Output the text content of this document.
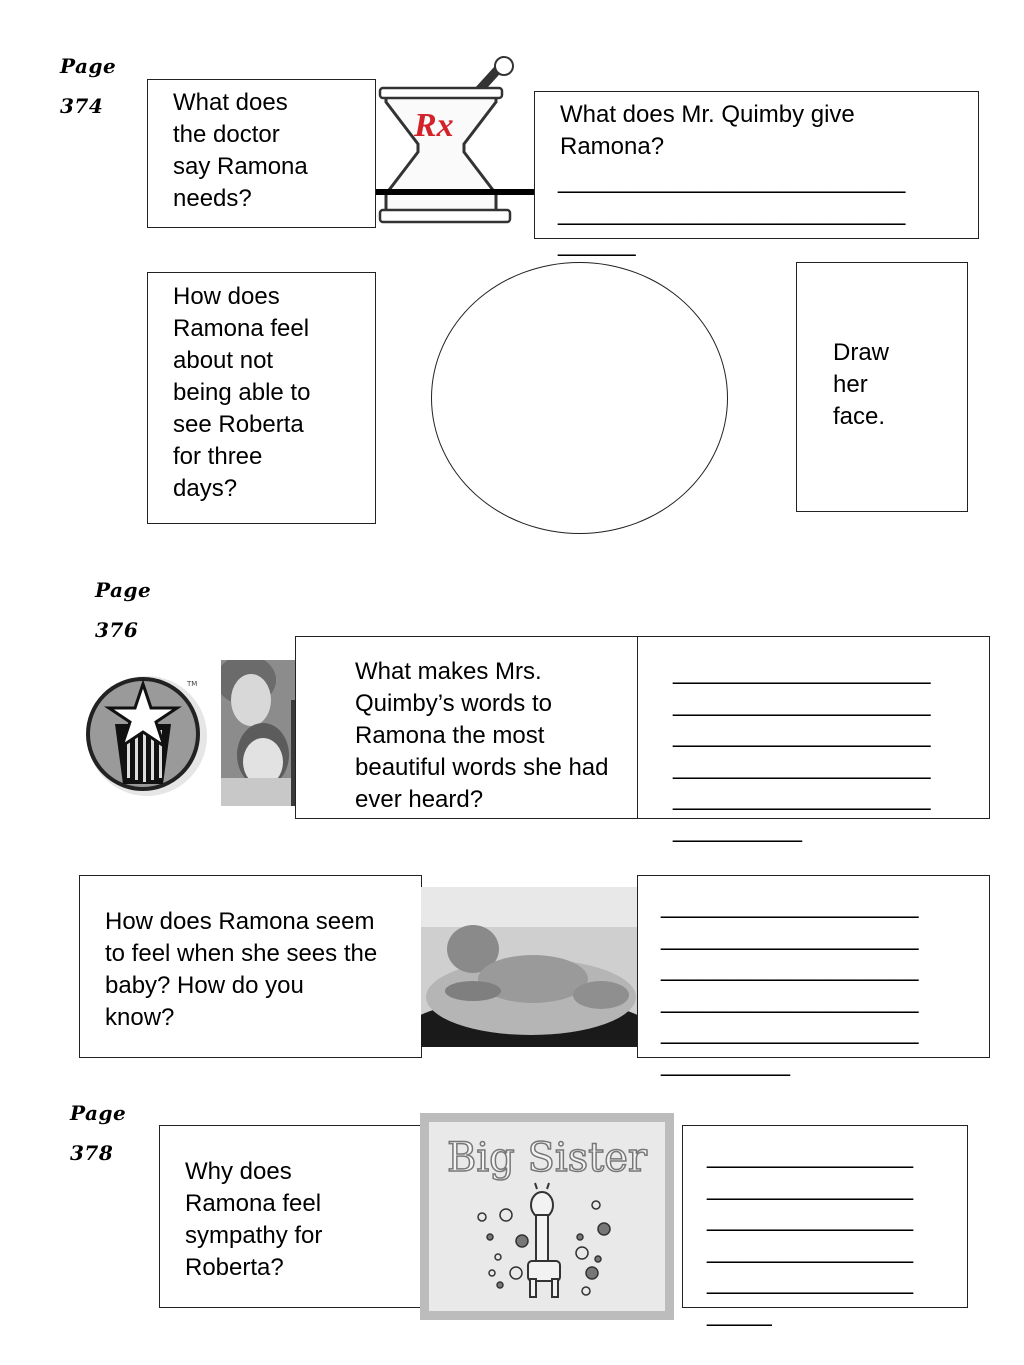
Page
374	What does
the doctor
say Ramona
needs?
Rx	What does Mr. Quimby give
Ramona?
___________________________
___________________________
______
How does
Ramona feel
about not
being able to
see Roberta
for three
days?
Draw
her
face.
Page
376
TM	What makes Mrs.
Quimby’s words to
Ramona the most
beautiful words she had
ever heard?
____________________
____________________
____________________
____________________
____________________
__________
How does Ramona seem
to feel when she sees the
baby? How do you
know?
____________________
____________________
____________________
____________________
____________________
__________
Page
378
Why does
Ramona feel
sympathy for
Roberta?
Big Sister ________________
________________
________________
________________
________________
_____
